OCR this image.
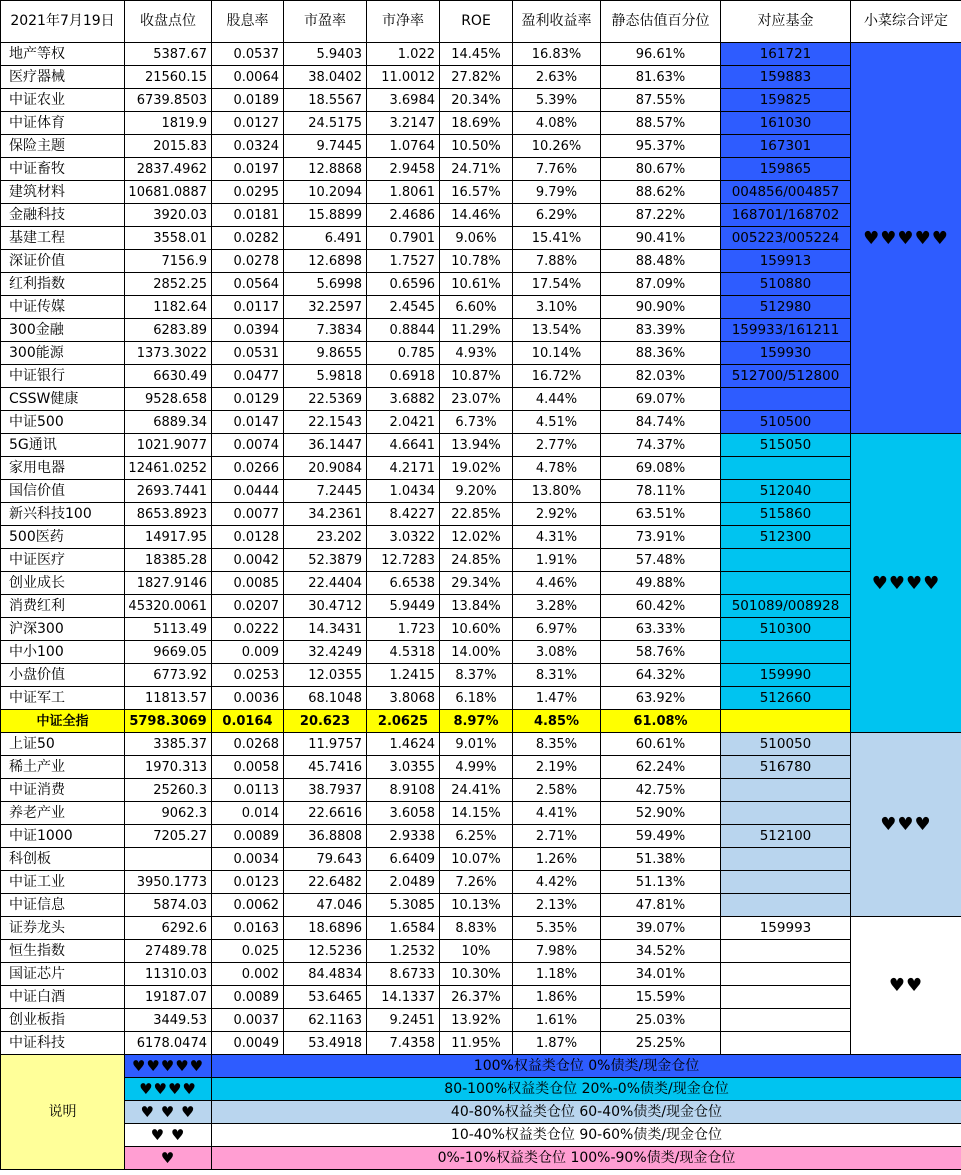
2021年7月19日	收盘点位	股息率	市盈率	市净率	ROE	盈利收益率	静态估值百分位	对应基金	小菜综合评定
地产等权	5387.67	0.0537	5.9403	1.022	14.45%	16.83%	96.61%	161721	♥♥♥♥♥
医疗器械	21560.15	0.0064	38.0402	11.0012	27.82%	2.63%	81.63%	159883	
中证农业	6739.8503	0.0189	18.5567	3.6984	20.34%	5.39%	87.55%	159825	
中证体育	1819.9	0.0127	24.5175	3.2147	18.69%	4.08%	88.57%	161030	
保险主题	2015.83	0.0324	9.7445	1.0764	10.50%	10.26%	95.37%	167301	
中证畜牧	2837.4962	0.0197	12.8868	2.9458	24.71%	7.76%	80.67%	159865	
建筑材料	10681.0887	0.0295	10.2094	1.8061	16.57%	9.79%	88.62%	004856/004857	
金融科技	3920.03	0.0181	15.8899	2.4686	14.46%	6.29%	87.22%	168701/168702	
基建工程	3558.01	0.0282	6.491	0.7901	9.06%	15.41%	90.41%	005223/005224	
深证价值	7156.9	0.0278	12.6898	1.7527	10.78%	7.88%	88.48%	159913	
红利指数	2852.25	0.0564	5.6998	0.6596	10.61%	17.54%	87.09%	510880	
中证传媒	1182.64	0.0117	32.2597	2.4545	6.60%	3.10%	90.90%	512980	
300金融	6283.89	0.0394	7.3834	0.8844	11.29%	13.54%	83.39%	159933/161211	
300能源	1373.3022	0.0531	9.8655	0.785	4.93%	10.14%	88.36%	159930	
中证银行	6630.49	0.0477	5.9818	0.6918	10.87%	16.72%	82.03%	512700/512800	
CSSW健康	9528.658	0.0129	22.5369	3.6882	23.07%	4.44%	69.07%		
中证500	6889.34	0.0147	22.1543	2.0421	6.73%	4.51%	84.74%	510500	
5G通讯	1021.9077	0.0074	36.1447	4.6641	13.94%	2.77%	74.37%	515050	♥♥♥♥
家用电器	12461.0252	0.0266	20.9084	4.2171	19.02%	4.78%	69.08%		
国信价值	2693.7441	0.0444	7.2445	1.0434	9.20%	13.80%	78.11%	512040	
新兴科技100	8653.8923	0.0077	34.2361	8.4227	22.85%	2.92%	63.51%	515860	
500医药	14917.95	0.0128	23.202	3.0322	12.02%	4.31%	73.91%	512300	
中证医疗	18385.28	0.0042	52.3879	12.7283	24.85%	1.91%	57.48%		
创业成长	1827.9146	0.0085	22.4404	6.6538	29.34%	4.46%	49.88%		
消费红利	45320.0061	0.0207	30.4712	5.9449	13.84%	3.28%	60.42%	501089/008928	
沪深300	5113.49	0.0222	14.3431	1.723	10.60%	6.97%	63.33%	510300	
中小100	9669.05	0.009	32.4249	4.5318	14.00%	3.08%	58.76%		
小盘价值	6773.92	0.0253	12.0355	1.2415	8.37%	8.31%	64.32%	159990	
中证军工	11813.57	0.0036	68.1048	3.8068	6.18%	1.47%	63.92%	512660	
中证全指	5798.3069	0.0164	20.623	2.0625	8.97%	4.85%	61.08%		
上证50	3385.37	0.0268	11.9757	1.4624	9.01%	8.35%	60.61%	510050	♥♥♥
稀土产业	1970.313	0.0058	45.7416	3.0355	4.99%	2.19%	62.24%	516780	
中证消费	25260.3	0.0113	38.7937	8.9108	24.41%	2.58%	42.75%		
养老产业	9062.3	0.014	22.6616	3.6058	14.15%	4.41%	52.90%		
中证1000	7205.27	0.0089	36.8808	2.9338	6.25%	2.71%	59.49%	512100	
科创板		0.0034	79.643	6.6409	10.07%	1.26%	51.38%		
中证工业	3950.1773	0.0123	22.6482	2.0489	7.26%	4.42%	51.13%		
中证信息	5874.03	0.0062	47.046	5.3085	10.13%	2.13%	47.81%		
证券龙头	6292.6	0.0163	18.6896	1.6584	8.83%	5.35%	39.07%	159993	♥♥
恒生指数	27489.78	0.025	12.5236	1.2532	10%	7.98%	34.52%		
国证芯片	11310.03	0.002	84.4834	8.6733	10.30%	1.18%	34.01%		
中证白酒	19187.07	0.0089	53.6465	14.1337	26.37%	1.86%	15.59%		
创业板指	3449.53	0.0037	62.1163	9.2451	13.92%	1.61%	25.03%		
中证科技	6178.0474	0.0049	53.4918	7.4358	11.95%	1.87%	25.25%		
说明	♥♥♥♥♥	100%权益类仓位 0%债类/现金仓位							
	♥♥♥♥	80-100%权益类仓位 20%-0%债类/现金仓位							
	♥ ♥ ♥	40-80%权益类仓位 60-40%债类/现金仓位							
	♥ ♥	10-40%权益类仓位 90-60%债类/现金仓位							
	♥	0%-10%权益类仓位 100%-90%债类/现金仓位							
